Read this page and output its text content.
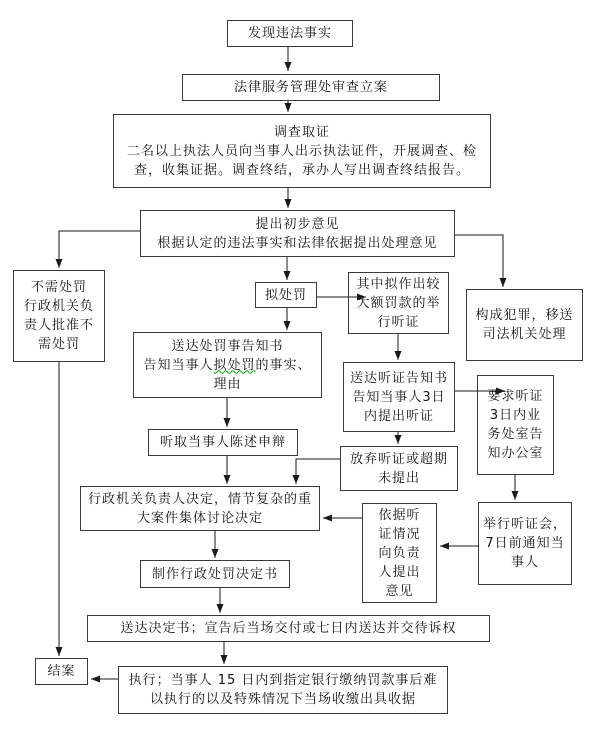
发现违法事实
法律服务管理处审查立案
调查取证
二名以上执法人员向当事人出示执法证件，开展调查、检查，收集证据。调查终结，承办人写出调查终结报告。
提出初步意见
根据认定的违法事实和法律依据提出处理意见
不需处罚
行政机关负责人批准不需处罚
拟处罚
其中拟作出较大额罚款的举行听证	构成犯罪，移送司法机关处理
送达处罚事告知书
告知当事人拟处罚的事实、理由	送达听证告知书告知当事人3日内提出听证
要求听证3日内业务处室告知办公室
听取当事人陈述申辩
放弃听证或超期未提出
行政机关负责人决定，情节复杂的重大案件集体讨论决定	依据听证情况向负责人提出意见
举行听证会，7日前通知当事人
制作行政处罚决定书
送达决定书；宣告后当场交付或七日内送达并交待诉权
结案
执行；当事人 15 日内到指定银行缴纳罚款事后难以执行的以及特殊情况下当场收缴出具收据
